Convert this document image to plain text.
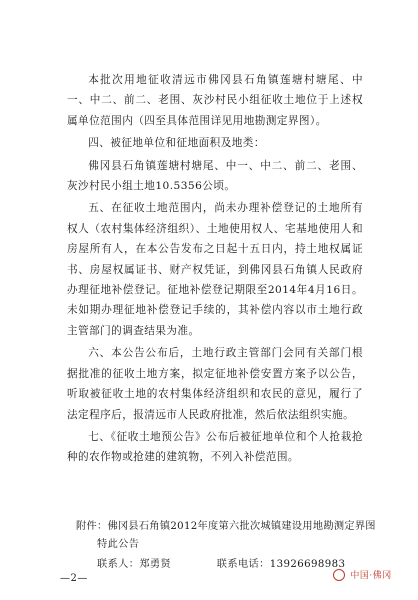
本批次用地征收清远市佛冈县石角镇莲塘村塘尾、中一、中二、前二、老围、灰沙村民小组征收土地位于上述权属单位范围内（四至具体范围详见用地勘测定界图）。

四、被征地单位和征地面积及地类：

佛冈县石角镇莲塘村塘尾、中一、中二、前二、老围、灰沙村民小组土地10.5356公顷。

五、在征收土地范围内，尚未办理补偿登记的土地所有权人（农村集体经济组织）、土地使用权人、宅基地使用人和房屋所有人，在本公告发布之日起十五日内，持土地权属证书、房屋权属证书、财产权凭证，到佛冈县石角镇人民政府办理征地补偿登记。征地补偿登记期限至2014年4月16日。未如期办理征地补偿登记手续的，其补偿内容以市土地行政主管部门的调查结果为准。

六、本公告公布后，土地行政主管部门会同有关部门根据批准的征收土地方案，拟定征地补偿安置方案予以公告，听取被征收土地的农村集体经济组织和农民的意见，履行了法定程序后，报清远市人民政府批准，然后依法组织实施。

七、《征收土地预公告》公布后被征地单位和个人抢栽抢种的农作物或抢建的建筑物，不列入补偿范围。

附件：佛冈县石角镇2012年度第六批次城镇建设用地勘测定界图
特此公告
联系人：郑勇贤	联系电话：13926698983
—2—	中国·佛冈
